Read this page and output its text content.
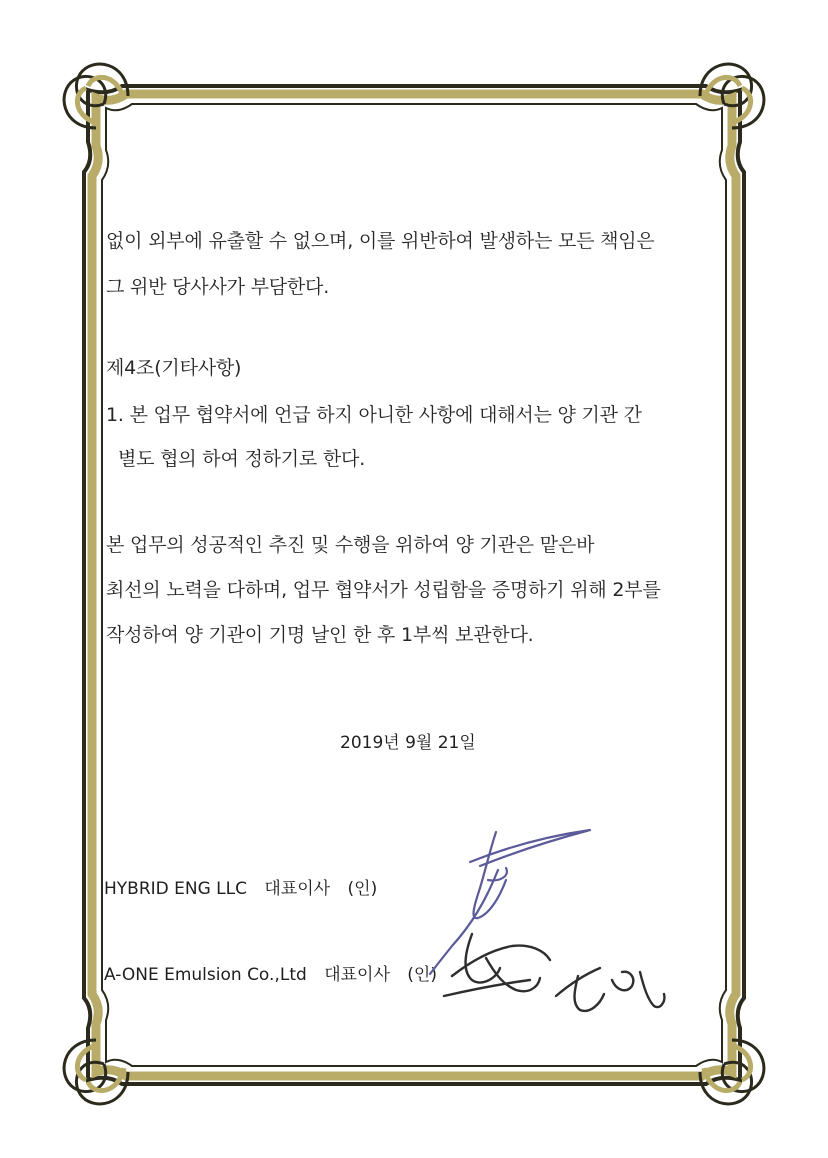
없이 외부에 유출할 수 없으며, 이를 위반하여 발생하는 모든 책임은
그 위반 당사사가 부담한다.
제4조(기타사항)
1. 본 업무 협약서에 언급 하지 아니한 사항에 대해서는 양 기관 간
별도 협의 하여 정하기로 한다.
본 업무의 성공적인 추진 및 수행을 위하여 양 기관은 맡은바
최선의 노력을 다하며, 업무 협약서가 성립함을 증명하기 위해 2부를
작성하여 양 기관이 기명 날인 한 후 1부씩 보관한다.
2019년 9월 21일
HYBRID ENG LLC 대표이사 (인)
A-ONE Emulsion Co.,Ltd 대표이사 (인)
